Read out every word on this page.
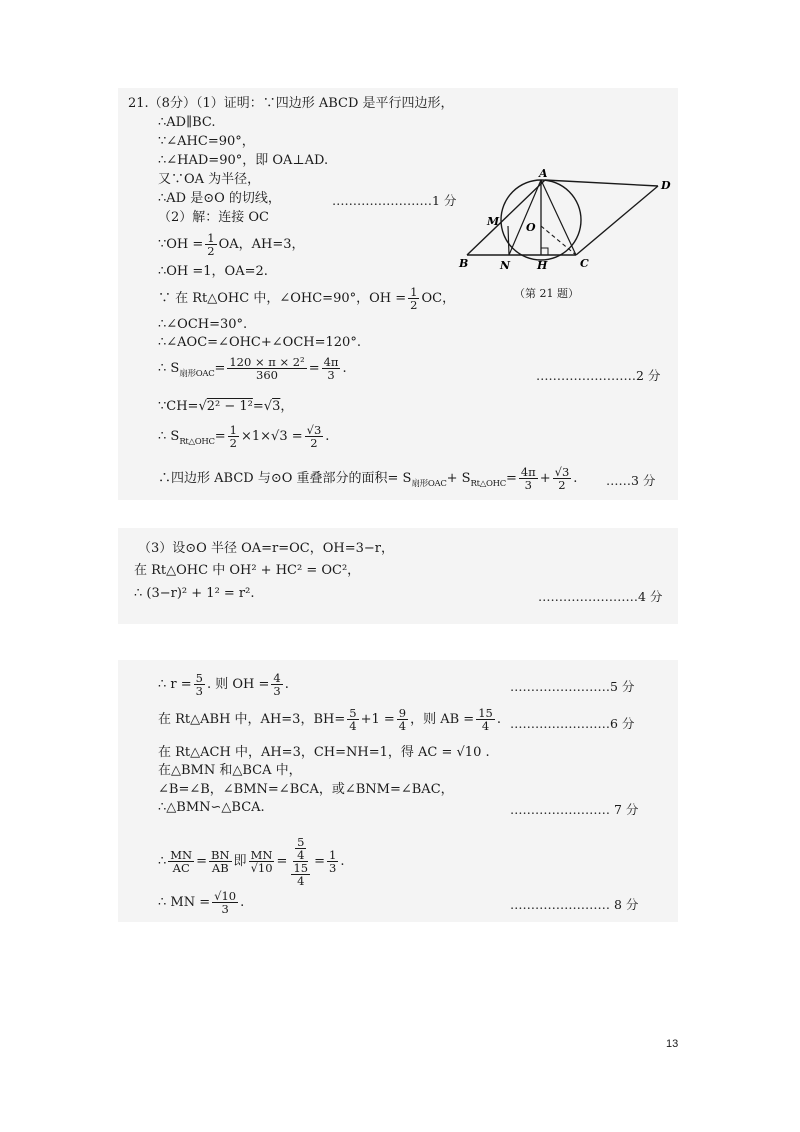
21.（8分）（1）证明：∵四边形 ABCD 是平行四边形，
∴AD∥BC.
∵∠AHC=90°，
∴∠HAD=90°，即 OA⊥AD.
又∵OA 为半径，
∴AD 是⊙O 的切线，	……………………1 分
（2）解：连接 OC
∵OH = $\frac{1}{2}$ OA，AH=3，
∴OH =1，OA=2.
∵ 在 Rt△OHC 中，∠OHC=90°，OH = $\frac{1}{2}$ OC，
∴∠OCH=30°.
∴∠AOC=∠OHC+∠OCH=120°.
∴ $S_{扇形OAC}= \frac{\text{120 × π × 2²}}{360} = \frac{4\pi}{3}$ .	……………………2 分
∵CH=√2² − 1²=√3，
∴ $S_{Rt\triangle OHC}= \frac{1}{2} \times 1\times√3 = \frac{√3}{2}$ .
∴四边形 ABCD 与⊙O 重叠部分的面积= $S_{扇形OAC}+ S_{Rt\triangle OHC}= \frac{4\pi}{3} + \frac{√3}{2}$ . ……3 分
A
D
M O
B	N H	C
（第 21 题）
（3）设⊙O 半径 OA=r=OC，OH=3−r，
在 Rt△OHC 中 OH² + HC² = OC²，
∴ (3−r)² + 1² = r².	……………………4 分
∴ $r = \frac{5}{3}$ . 则 OH = $\frac{4}{3}$ .	……………………5 分
在 Rt△ABH 中，AH=3，$BH= \frac{5}{4} +1 = \frac{9}{4}$ ，则 AB = $\frac{15}{4}$ . ……………………6 分
在 Rt△ACH 中，AH=3，CH=NH=1，得 AC = √10 .
在△BMN 和△BCA 中，
∠B=∠B，∠BMN=∠BCA，或∠BNM=∠BAC，
∴△BMN∽△BCA.	…………………… 7 分
∴ $\frac{MN}{AC} = \frac{BN}{AB}$ 即 $\frac{MN}{√10} = \frac{\frac{5}{4}}{\frac{15}{4}} = \frac{1}{3}$ .
∴ MN = $\frac{√10}{3}$ .	…………………… 8 分
13
